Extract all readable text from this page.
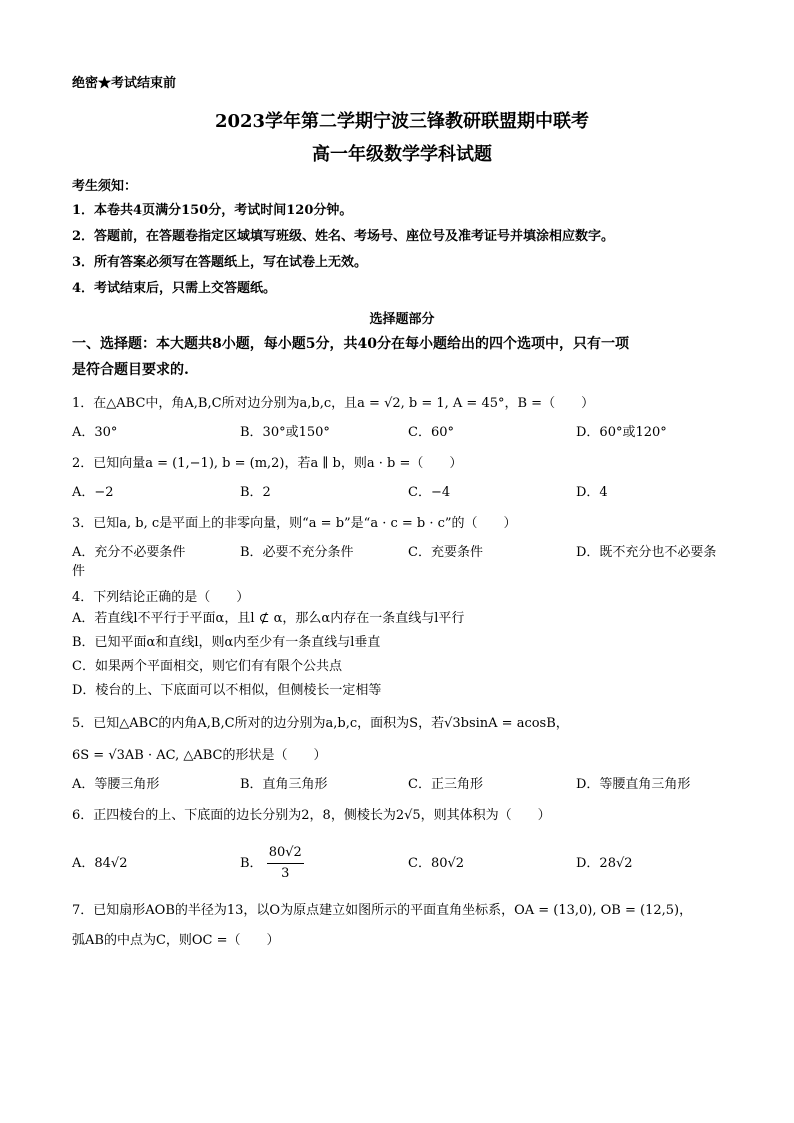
绝密★考试结束前
2023学年第二学期宁波三锋教研联盟期中联考
高一年级数学学科试题
考生须知：
1．本卷共4页满分150分，考试时间120分钟。
2．答题前，在答题卷指定区域填写班级、姓名、考场号、座位号及准考证号并填涂相应数字。
3．所有答案必须写在答题纸上，写在试卷上无效。
4．考试结束后，只需上交答题纸。
选择题部分
一、选择题：本大题共8小题，每小题5分，共40分在每小题给出的四个选项中，只有一项
是符合题目要求的.
1．在△ABC中，角A,B,C所对边分别为a,b,c，且a = √2, b = 1, A = 45°，B =（　　）
A．30°	B．30°或150°	C．60°	D．60°或120°
2．已知向量a = (1,−1), b = (m,2)，若a ∥ b，则a · b =（　　）
A．−2	B．2	C．−4	D．4
3．已知a, b, c是平面上的非零向量，则“a = b”是“a · c = b · c”的（　　）
A．充分不必要条件	B．必要不充分条件	C．充要条件	D．既不充分也不必要条
件
4．下列结论正确的是（　　）
A．若直线l不平行于平面α，且l ⊄ α，那么α内存在一条直线与l平行
B．已知平面α和直线l，则α内至少有一条直线与l垂直
C．如果两个平面相交，则它们有有限个公共点
D．棱台的上、下底面可以不相似，但侧棱长一定相等
5．已知△ABC的内角A,B,C所对的边分别为a,b,c，面积为S，若√3bsinA = acosB，
6S = √3AB · AC, △ABC的形状是（　　）
A．等腰三角形	B．直角三角形	C．正三角形	D．等腰直角三角形
6．正四棱台的上、下底面的边长分别为2，8，侧棱长为2√5，则其体积为（　　）
A．84√2	B． $\frac{80√2}{3}$	C．80√2	D．28√2
7．已知扇形AOB的半径为13，以O为原点建立如图所示的平面直角坐标系，OA = (13,0), OB = (12,5)，
弧AB的中点为C，则OC =（　　）
